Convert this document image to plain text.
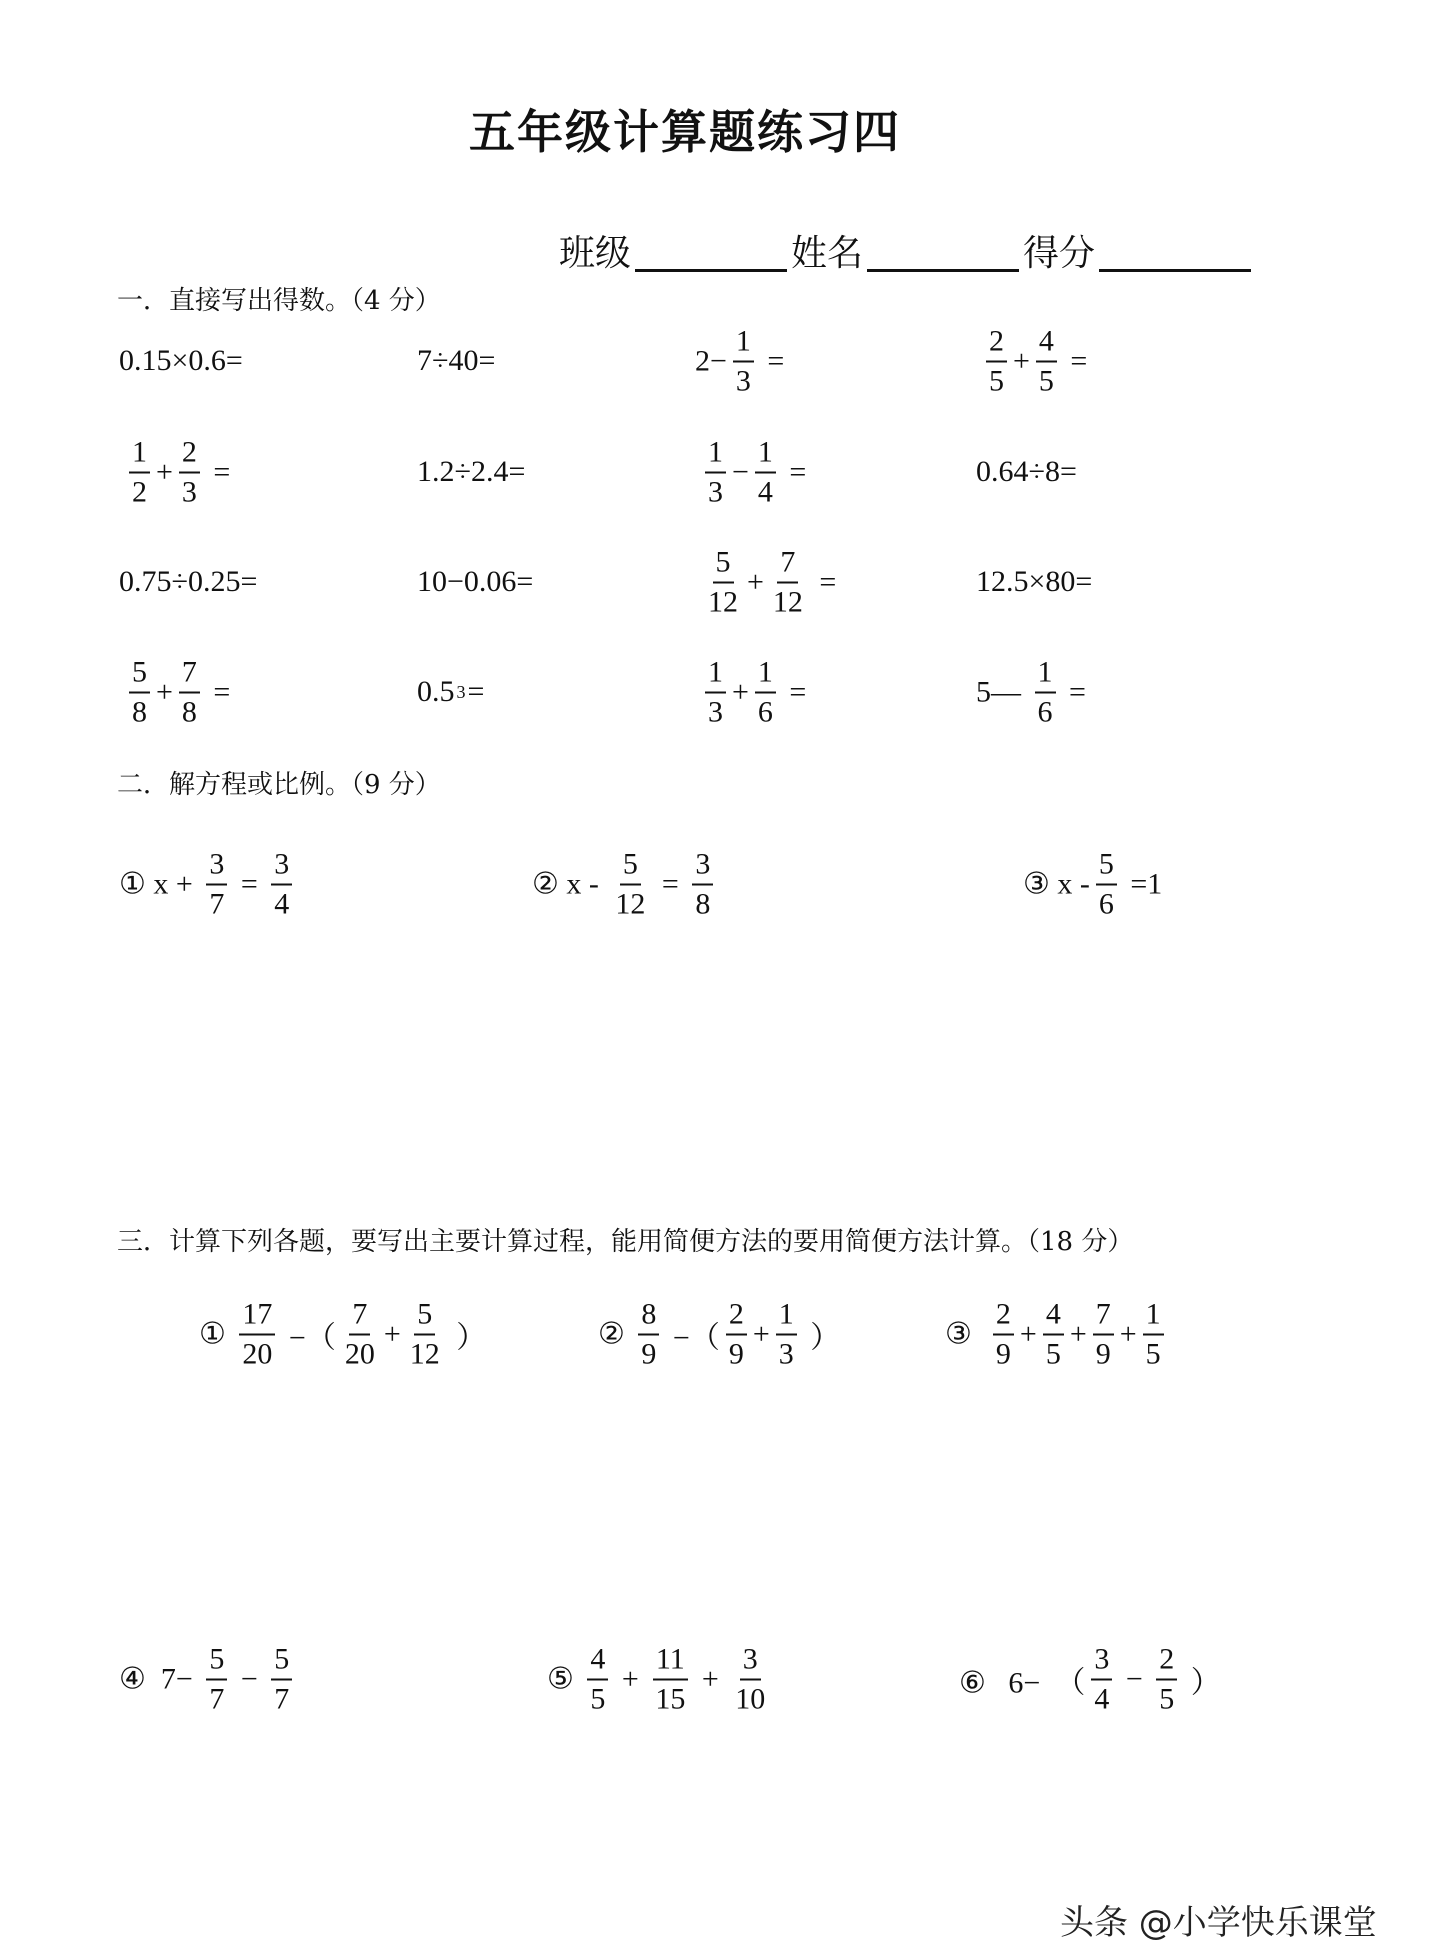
五年级计算题练习四
班级	姓名	得分
一．直接写出得数。（4 分）
二．解方程或比例。（9 分）
三．计算下列各题，要写出主要计算过程，能用简便方法的要用简便方法计算。（18 分）
0.15×0.6=	7÷40=	$2- \frac{1}{3}$ =	$\frac{2}{5} + \frac{4}{5}$ =
$\frac{1}{2} + \frac{2}{3}$ =	1.2÷2.4=	$\frac{1}{3} - \frac{1}{4}$ =	0.64÷8=
0.75÷0.25=	10−0.06=	$\frac{5}{12} + \frac{7}{12}$ =	12.5×80=
$\frac{5}{8} + \frac{7}{8}$ =	0.5 3 =	$\frac{1}{3} + \frac{1}{6}$ =	5— $\frac{1}{6}$ =
① $x + \frac{3}{7} = \frac{3}{4}$	② $x - \frac{5}{12} = \frac{3}{8}$	③ $x - \frac{5}{6} =1$
① $\frac{17}{20}$ −（ $\frac{7}{20} + \frac{5}{12}$ ）	② $\frac{8}{9}$ −（ $\frac{2}{9} + \frac{1}{3}$ ）	③ $\frac{2}{9} + \frac{4}{5} + \frac{7}{9} + \frac{1}{5}$
④  $7- \frac{5}{7} - \frac{5}{7}$	⑤ $\frac{4}{5} + \frac{11}{15} + \frac{3}{10}$	⑥   6−  （ $\frac{3}{4} - \frac{2}{5}$ ）
头条 @小学快乐课堂
